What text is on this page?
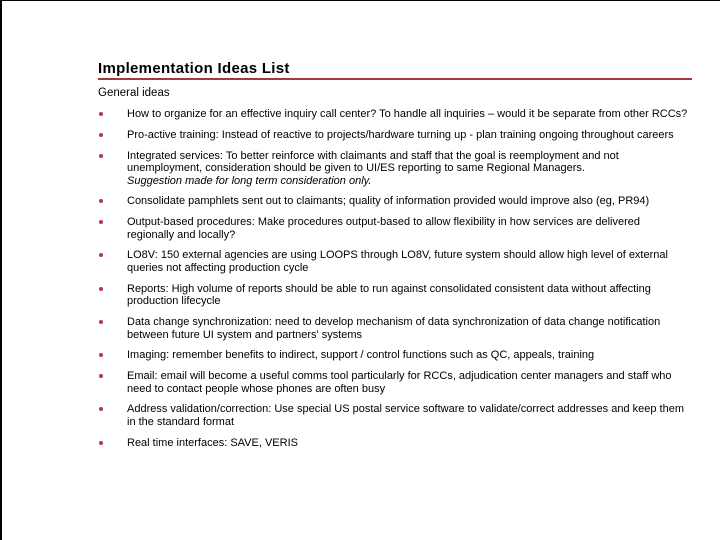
Implementation Ideas List
General ideas
How to organize for an effective inquiry call center? To handle all inquiries – would it be separate from other RCCs?
Pro-active training: Instead of reactive to projects/hardware turning up - plan training ongoing throughout careers
Integrated services: To better reinforce with claimants and staff that the goal is reemployment and not unemployment, consideration should be given to UI/ES reporting to same Regional Managers.
Suggestion made for long term consideration only.
Consolidate pamphlets sent out to claimants; quality of information provided would improve also (eg, PR94)
Output-based procedures: Make procedures output-based to allow flexibility in how services are delivered regionally and locally?
LO8V: 150 external agencies are using LOOPS through LO8V, future system should allow high level of external queries not affecting production cycle
Reports: High volume of reports should be able to run against consolidated consistent data without affecting production lifecycle
Data change synchronization: need to develop mechanism of data synchronization of data change notification between future UI system and partners' systems
Imaging: remember benefits to indirect, support / control functions such as QC, appeals, training
Email: email will become a useful comms tool particularly for RCCs, adjudication center managers and staff who need to contact people whose phones are often busy
Address validation/correction: Use special US postal service software to validate/correct addresses and keep them in the standard format
Real time interfaces: SAVE, VERIS
